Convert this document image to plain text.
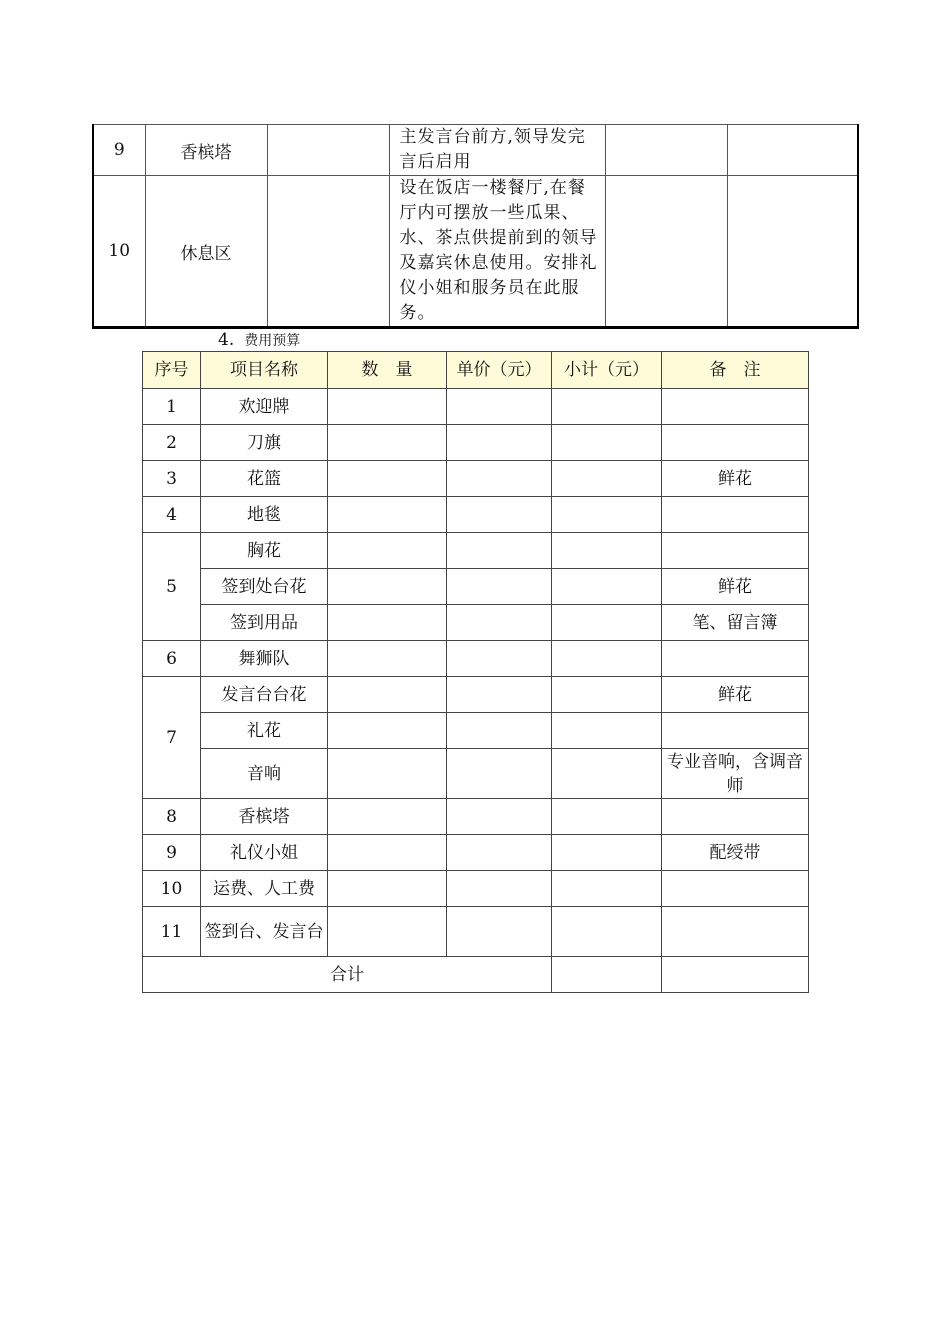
9	香槟塔		主发言台前方,领导发完言后启用		
10	休息区		设在饭店一楼餐厅,在餐厅内可摆放一些瓜果、水、茶点供提前到的领导及嘉宾休息使用。安排礼仪小姐和服务员在此服务。		
4. 费用预算
序号	项目名称	数　量	单价（元）	小计（元）	备　注
1	欢迎牌				
2	刀旗				
3	花篮				鲜花
4	地毯				
5	胸花				
	签到处台花				鲜花
	签到用品				笔、留言簿
6	舞狮队				
7	发言台台花				鲜花
	礼花				
	音响				专业音响，含调音师
8	香槟塔				
9	礼仪小姐				配绶带
10	运费、人工费				
11	签到台、发言台				
合计					
